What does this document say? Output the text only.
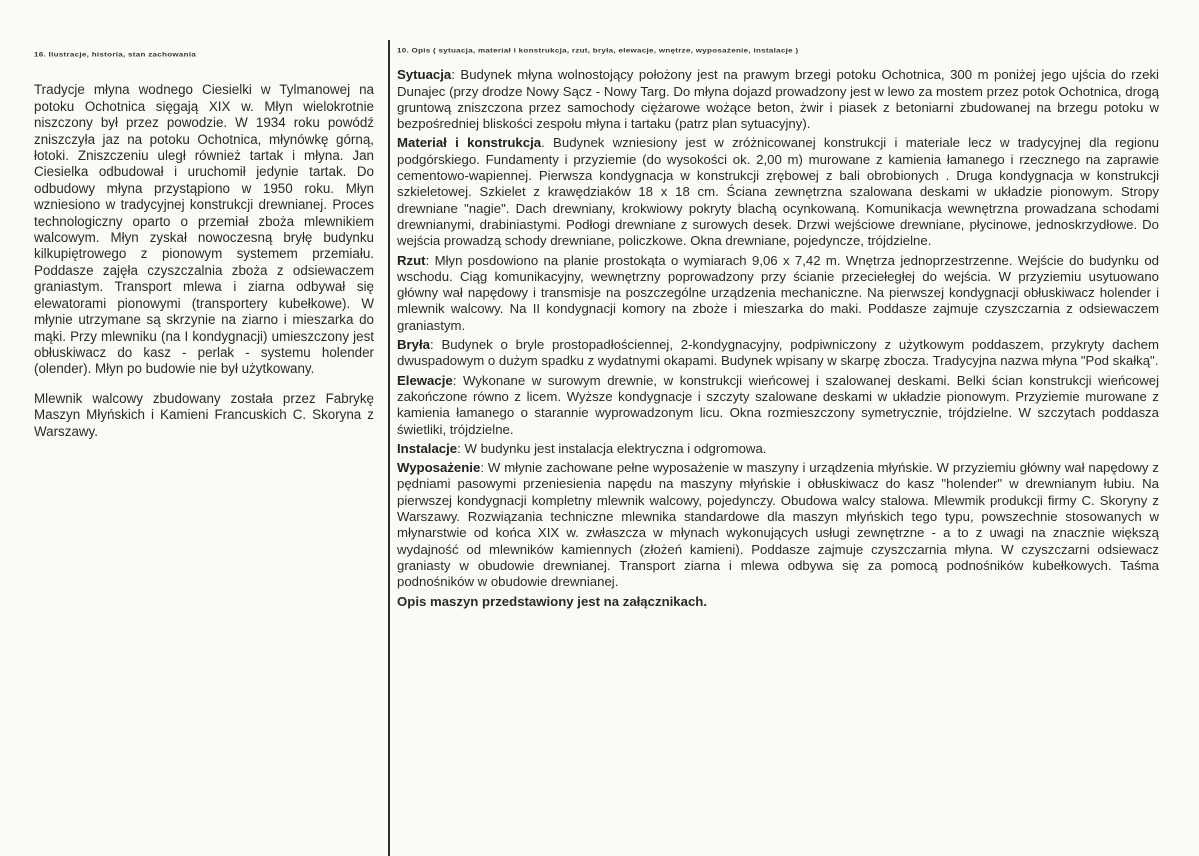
16. Ilustracje, historia, stan zachowania

Tradycje młyna wodnego Ciesielki w Tylmanowej na potoku Ochotnica sięgają XIX w. Młyn wielokrotnie niszczony był przez powodzie. W 1934 roku powódź zniszczyła jaz na potoku Ochotnica, młynówkę górną, łotoki. Zniszczeniu uległ również tartak i młyna. Jan Ciesielka odbudował i uruchomił jedynie tartak. Do odbudowy młyna przystąpiono w 1950 roku. Młyn wzniesiono w tradycyjnej konstrukcji drewnianej. Proces technologiczny oparto o przemiał zboża mlewnikiem walcowym. Młyn zyskał nowoczesną bryłę budynku kilkupiętrowego z pionowym systemem przemiału. Poddasze zajęła czyszczalnia zboża z odsiewaczem graniastym. Transport mlewa i ziarna odbywał się elewatorami pionowymi (transportery kubełkowe). W młynie utrzymane są skrzynie na ziarno i mieszarka do mąki. Przy mlewniku (na I kondygnacji) umieszczony jest obłuskiwacz do kasz - perlak - systemu holender (olender). Młyn po budowie nie był użytkowany.

Mlewnik walcowy zbudowany została przez Fabrykę Maszyn Młyńskich i Kamieni Francuskich C. Skoryna z Warszawy.

10. Opis ( sytuacja, materiał i konstrukcja, rzut, bryła, elewacje, wnętrze, wyposażenie, instalacje )

Sytuacja: Budynek młyna wolnostojący położony jest na prawym brzegi potoku Ochotnica, 300 m poniżej jego ujścia do rzeki Dunajec (przy drodze Nowy Sącz - Nowy Targ. Do młyna dojazd prowadzony jest w lewo za mostem przez potok Ochotnica, drogą gruntową zniszczona przez samochody ciężarowe wożące beton, żwir i piasek z betoniarni zbudowanej na brzegu potoku w bezpośredniej bliskości zespołu młyna i tartaku (patrz plan sytuacyjny).

Materiał i konstrukcja. Budynek wzniesiony jest w zróżnicowanej konstrukcji i materiale lecz w tradycyjnej dla regionu podgórskiego. Fundamenty i przyziemie (do wysokości ok. 2,00 m) murowane z kamienia łamanego i rzecznego na zaprawie cementowo-wapiennej. Pierwsza kondygnacja w konstrukcji zrębowej z bali obrobionych . Druga kondygnacja w konstrukcji szkieletowej. Szkielet z krawędziaków 18 x 18 cm. Ściana zewnętrzna szalowana deskami w układzie pionowym. Stropy drewniane "nagie". Dach drewniany, krokwiowy pokryty blachą ocynkowaną. Komunikacja wewnętrzna prowadzana schodami drewnianymi, drabiniastymi. Podłogi drewniane z surowych desek. Drzwi wejściowe drewniane, płycinowe, jednoskrzydłowe. Do wejścia prowadzą schody drewniane, policzkowe. Okna drewniane, pojedyncze, trójdzielne.

Rzut: Młyn posdowiono na planie prostokąta o wymiarach 9,06 x 7,42 m. Wnętrza jednoprzestrzenne. Wejście do budynku od wschodu. Ciąg komunikacyjny, wewnętrzny poprowadzony przy ścianie przeciełegłej do wejścia. W przyziemiu usytuowano główny wał napędowy i transmisje na poszczególne urządzenia mechaniczne. Na pierwszej kondygnacji obłuskiwacz holender i mlewnik walcowy. Na II kondygnacji komory na zboże i mieszarka do maki. Poddasze zajmuje czyszczarnia z odsiewaczem graniastym.

Bryła: Budynek o bryle prostopadłościennej, 2-kondygnacyjny, podpiwniczony z użytkowym poddaszem, przykryty dachem dwuspadowym o dużym spadku z wydatnymi okapami. Budynek wpisany w skarpę zbocza. Tradycyjna nazwa młyna "Pod skałką".

Elewacje: Wykonane w surowym drewnie, w konstrukcji wieńcowej i szalowanej deskami. Belki ścian konstrukcji wieńcowej zakończone równo z licem. Wyższe kondygnacje i szczyty szalowane deskami w układzie pionowym. Przyziemie murowane z kamienia łamanego o starannie wyprowadzonym licu. Okna rozmieszczony symetrycznie, trójdzielne. W szczytach poddasza świetliki, trójdzielne.

Instalacje: W budynku jest instalacja elektryczna i odgromowa.

Wyposażenie: W młynie zachowane pełne wyposażenie w maszyny i urządzenia młyńskie. W przyziemiu główny wał napędowy z pędniami pasowymi przeniesienia napędu na maszyny młyńskie i obłuskiwacz do kasz "holender" w drewnianym łubiu. Na pierwszej kondygnacji kompletny mlewnik walcowy, pojedynczy. Obudowa walcy stalowa. Mlewmik produkcji firmy C. Skoryny z Warszawy. Rozwiązania techniczne mlewnika standardowe dla maszyn młyńskich tego typu, powszechnie stosowanych w młynarstwie od końca XIX w. zwłaszcza w młynach wykonujących usługi zewnętrzne - a to z uwagi na znacznie większą wydajność od mlewników kamiennych (złożeń kamieni). Poddasze zajmuje czyszczarnia młyna. W czyszczarni odsiewacz graniasty w obudowie drewnianej. Transport ziarna i mlewa odbywa się za pomocą podnośników kubełkowych. Taśma podnośników w obudowie drewnianej.

Opis maszyn przedstawiony jest na załącznikach.
